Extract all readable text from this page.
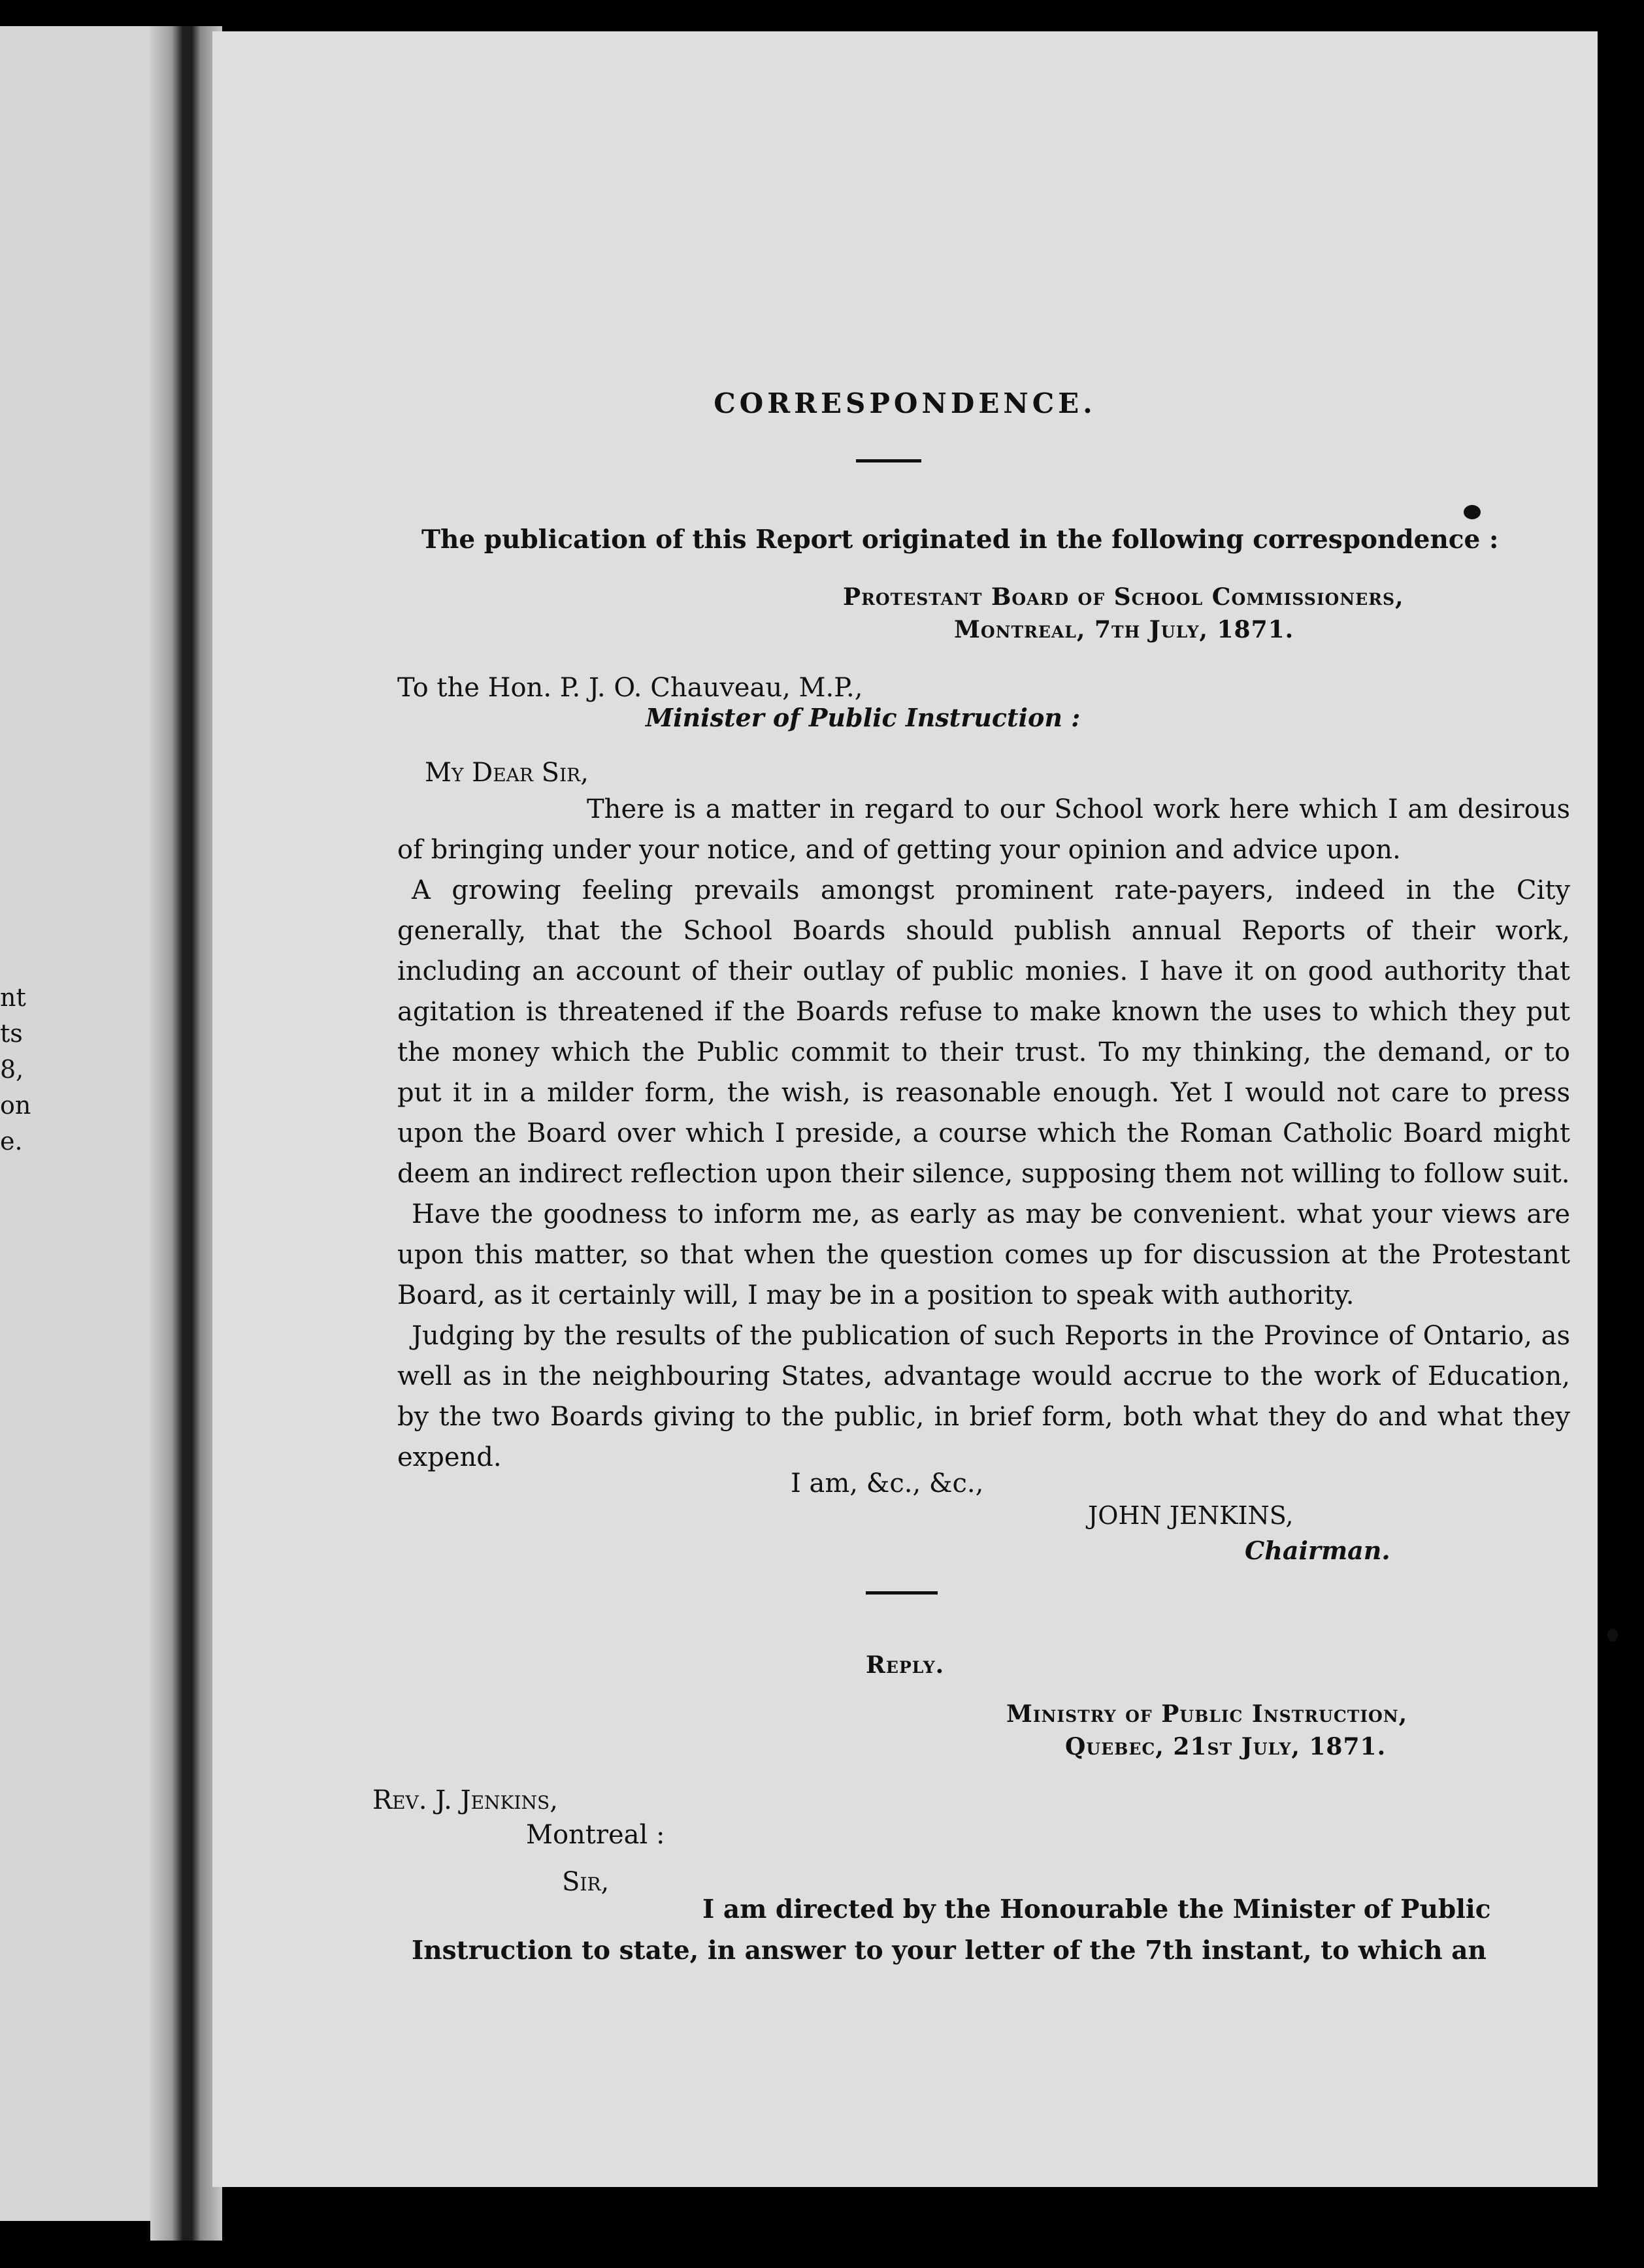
nt
ts
8,
on
e.
CORRESPONDENCE.
The publication of this Report originated in the following correspondence :
Protestant Board of School Commissioners,
Montreal, 7th July, 1871.
To the Hon. P. J. O. Chauveau, M.P.,
Minister of Public Instruction :
My Dear Sir,

There is a matter in regard to our School work here which I am desirous of bringing under your notice, and of getting your opinion and advice upon.

A growing feeling prevails amongst prominent rate-payers, indeed in the City generally, that the School Boards should publish annual Reports of their work, including an account of their outlay of public monies. I have it on good authority that agitation is threatened if the Boards refuse to make known the uses to which they put the money which the Public commit to their trust. To my thinking, the demand, or to put it in a milder form, the wish, is reasonable enough. Yet I would not care to press upon the Board over which I preside, a course which the Roman Catholic Board might deem an indirect reflection upon their silence, supposing them not willing to follow suit.

Have the goodness to inform me, as early as may be convenient. what your views are upon this matter, so that when the question comes up for discussion at the Protestant Board, as it certainly will, I may be in a position to speak with authority.

Judging by the results of the publication of such Reports in the Province of Ontario, as well as in the neighbouring States, advantage would accrue to the work of Education, by the two Boards giving to the public, in brief form, both what they do and what they expend.

I am, &c., &c.,
JOHN JENKINS,
Chairman.
Reply.
Ministry of Public Instruction,
Quebec, 21st July, 1871.
Rev. J. Jenkins,
Montreal :
Sir,
I am directed by the Honourable the Minister of Public
Instruction to state, in answer to your letter of the 7th instant, to which an
